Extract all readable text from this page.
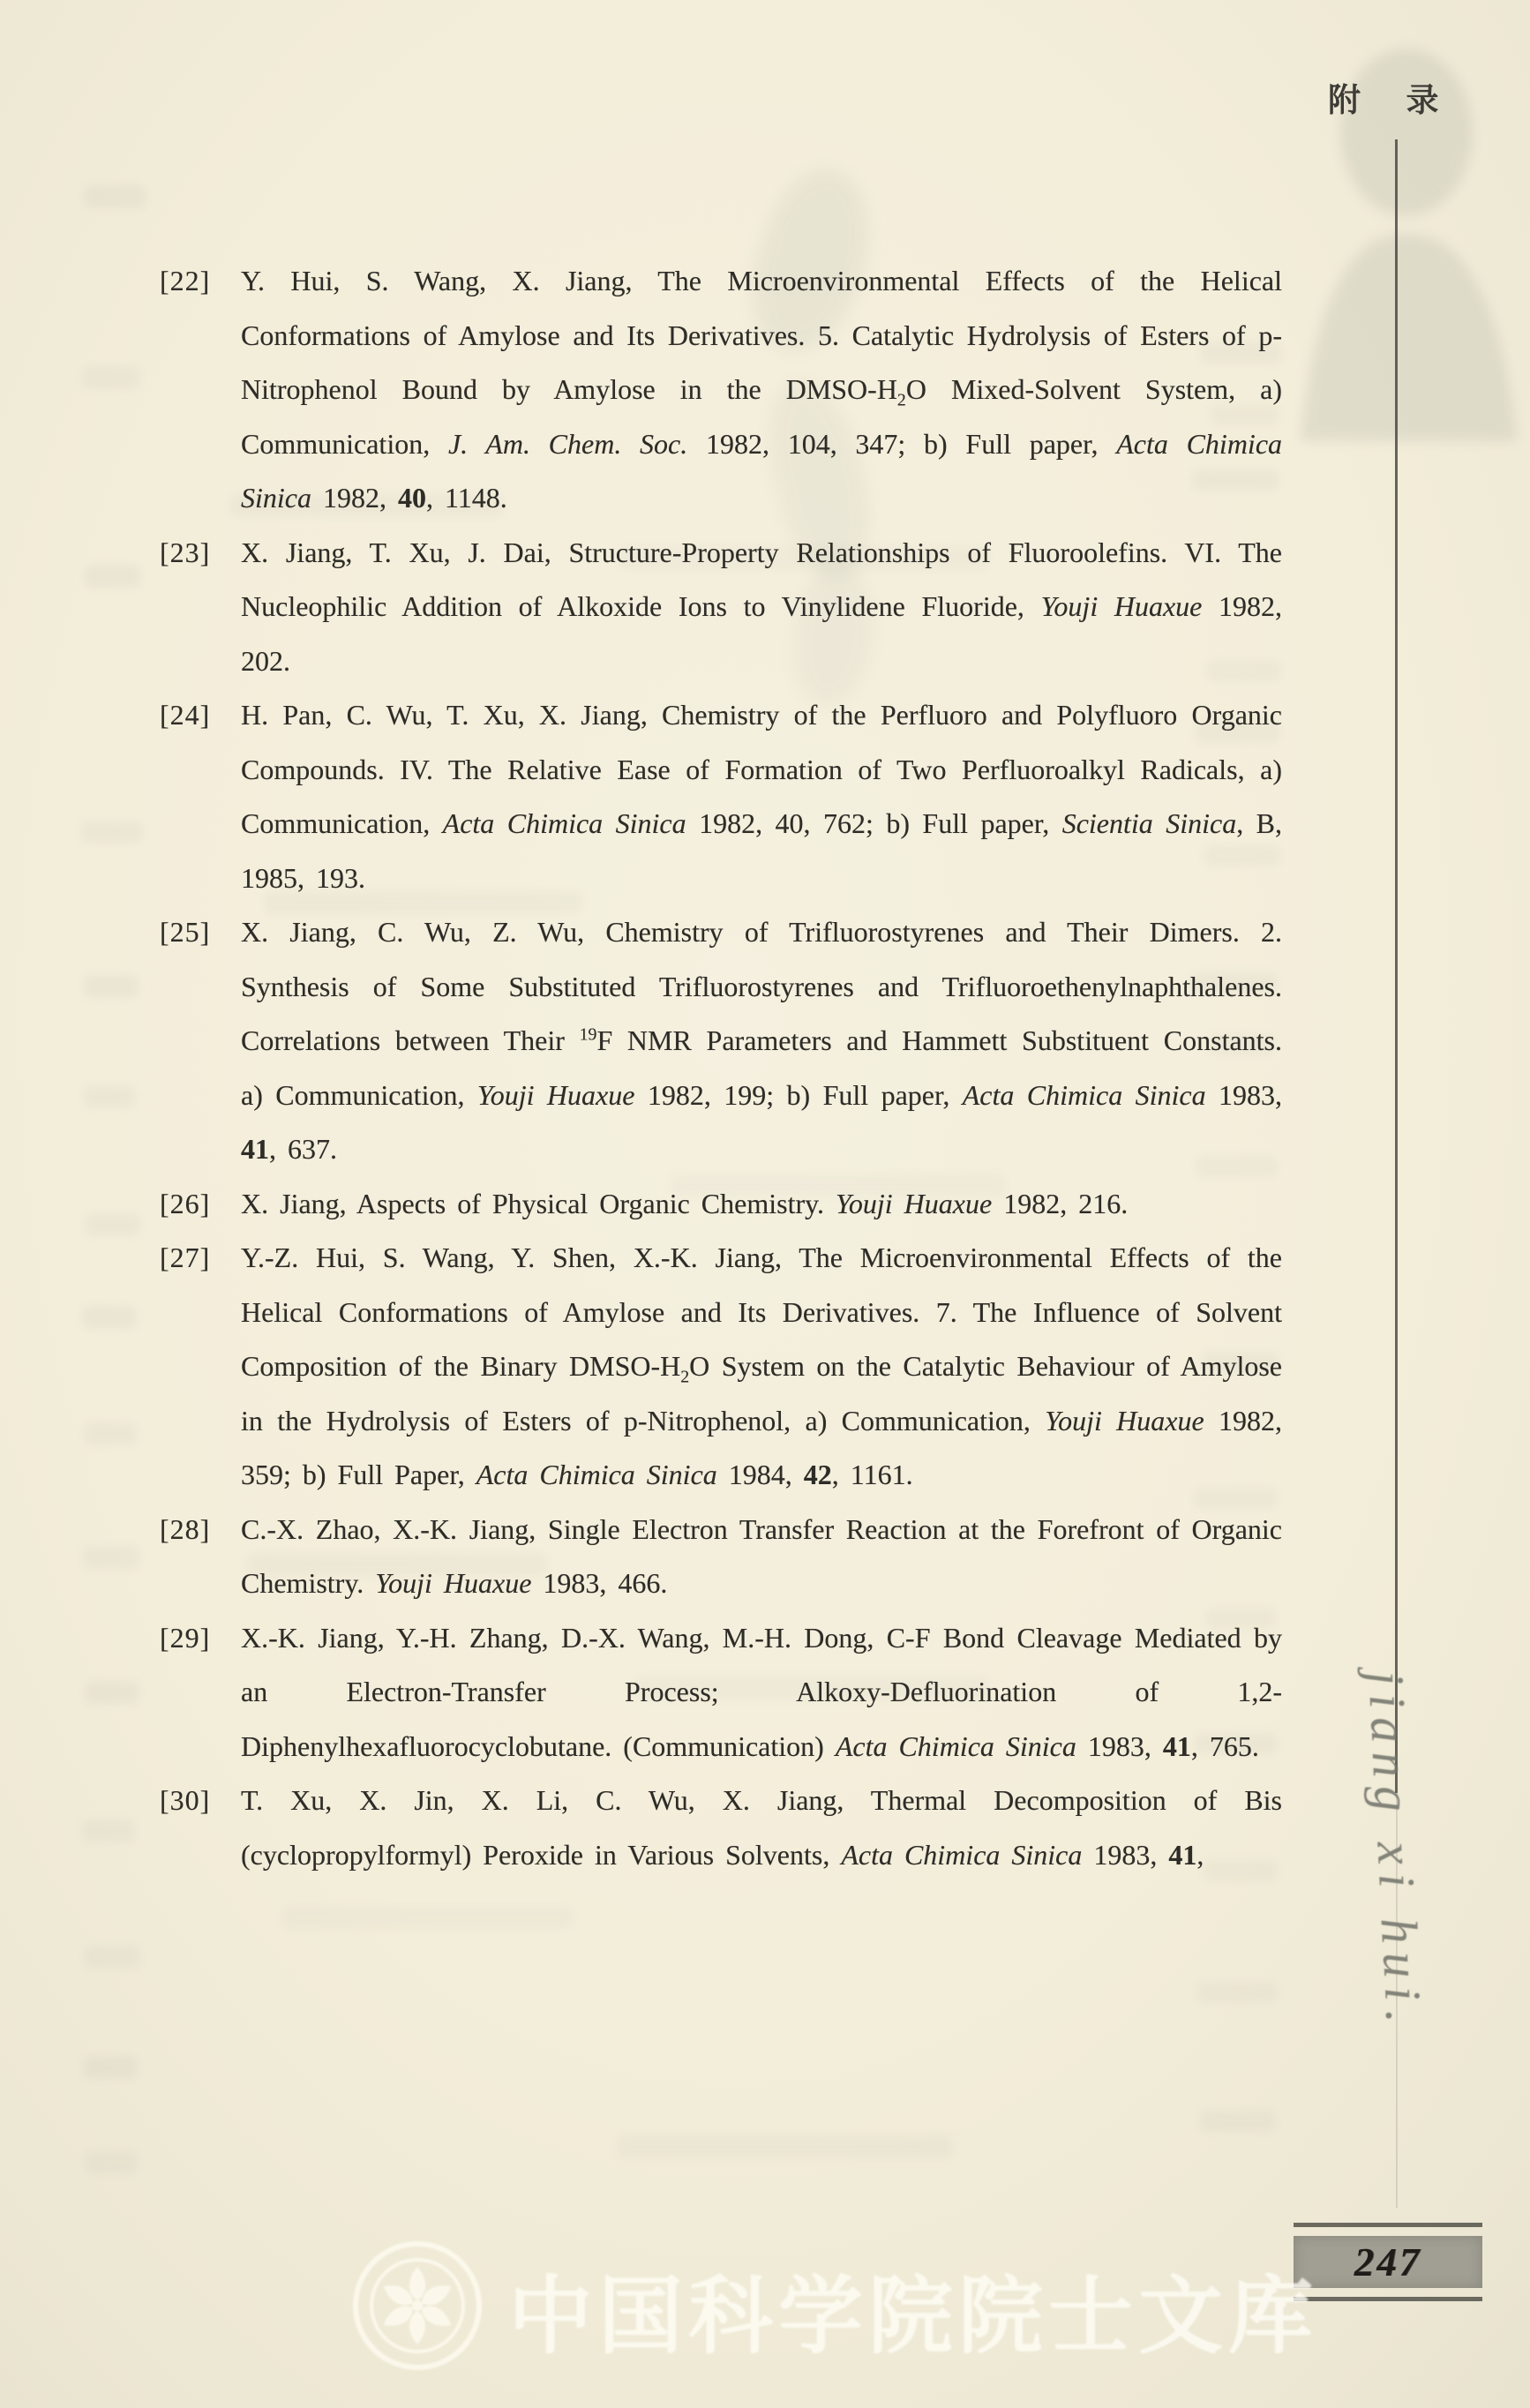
附    录
[22] Y. Hui, S. Wang, X. Jiang, The Microenvironmental Effects of the Helical Conformations of Amylose and Its Derivatives. 5. Catalytic Hydrolysis of Esters of p-Nitrophenol Bound by Amylose in the DMSO-$H_2O$ Mixed-Solvent System, a) Communication, J. Am. Chem. Soc. 1982, 104, 347; b) Full paper, Acta Chimica Sinica 1982, 40, 1148.
[23] X. Jiang, T. Xu, J. Dai, Structure-Property Relationships of Fluoroolefins. VI. The Nucleophilic Addition of Alkoxide Ions to Vinylidene Fluoride, Youji Huaxue 1982, 202.
[24] H. Pan, C. Wu, T. Xu, X. Jiang, Chemistry of the Perfluoro and Polyfluoro Organic Compounds. IV. The Relative Ease of Formation of Two Perfluoroalkyl Radicals, a) Communication, Acta Chimica Sinica 1982, 40, 762; b) Full paper, Scientia Sinica, B, 1985, 193.
[25] X. Jiang, C. Wu, Z. Wu, Chemistry of Trifluorostyrenes and Their Dimers. 2. Synthesis of Some Substituted Trifluorostyrenes and Trifluoroethenylnaphthalenes. Correlations between Their $^{19}$F NMR Parameters and Hammett Substituent Constants. a) Communication, Youji Huaxue 1982, 199; b) Full paper, Acta Chimica Sinica 1983, 41, 637.
[26] X. Jiang, Aspects of Physical Organic Chemistry. Youji Huaxue 1982, 216.
[27] Y.-Z. Hui, S. Wang, Y. Shen, X.-K. Jiang, The Microenvironmental Effects of the Helical Conformations of Amylose and Its Derivatives. 7. The Influence of Solvent Composition of the Binary DMSO-$H_2O$ System on the Catalytic Behaviour of Amylose in the Hydrolysis of Esters of p-Nitrophenol, a) Communication, Youji Huaxue 1982, 359; b) Full Paper, Acta Chimica Sinica 1984, 42, 1161.
[28] C.-X. Zhao, X.-K. Jiang, Single Electron Transfer Reaction at the Forefront of Organic Chemistry. Youji Huaxue 1983, 466.
[29] X.-K. Jiang, Y.-H. Zhang, D.-X. Wang, M.-H. Dong, C-F Bond Cleavage Mediated by an Electron-Transfer Process; Alkoxy-Defluorination of 1,2-Diphenylhexafluorocyclobutane. (Communication) Acta Chimica Sinica 1983, 41, 765.
[30] T. Xu, X. Jin, X. Li, C. Wu, X. Jiang, Thermal Decomposition of Bis (cyclopropylformyl) Peroxide in Various Solvents, Acta Chimica Sinica 1983, 41,	jiang xi hui.
247
中国科学院院士文库
